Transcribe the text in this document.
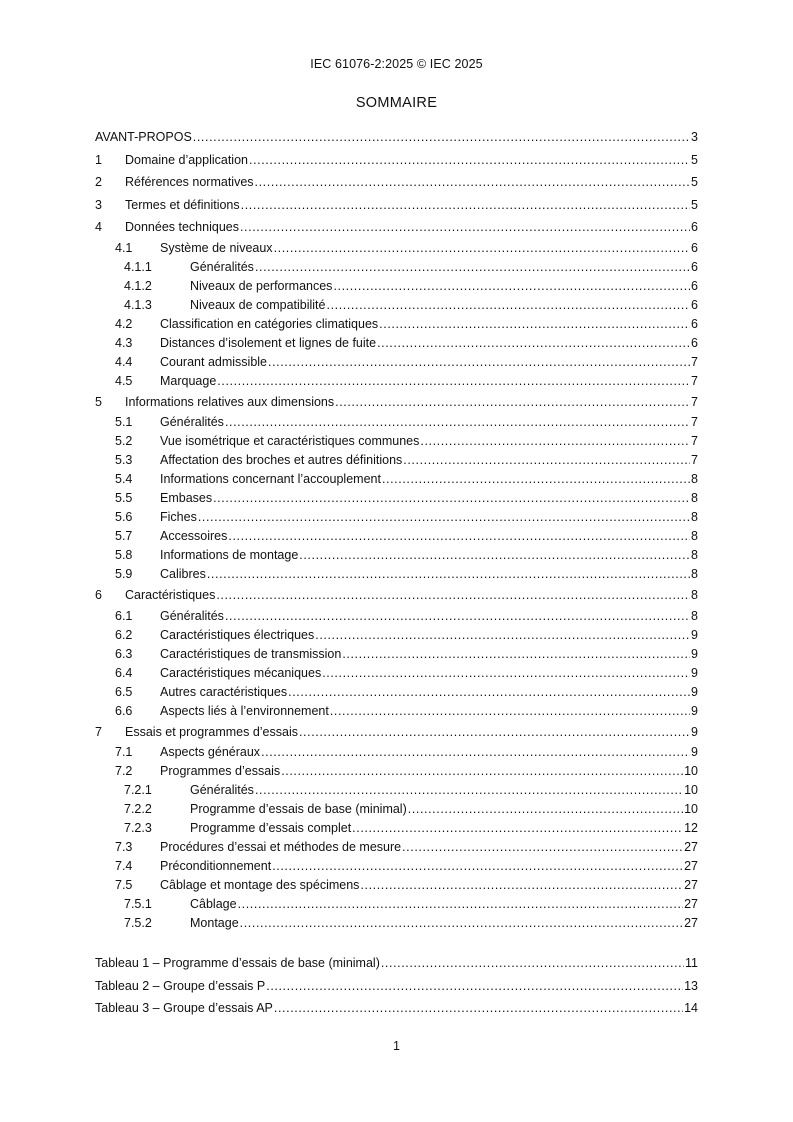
IEC 61076-2:2025 © IEC 2025
SOMMAIRE
AVANT-PROPOS .....	3
1	Domaine d’application .....	5
2	Références normatives .....	5
3	Termes et définitions .....	5
4	Données techniques .....	6
4.1	Système de niveaux .....	6
4.1.1	Généralités .....	6
4.1.2	Niveaux de performances .....	6
4.1.3	Niveaux de compatibilité .....	6
4.2	Classification en catégories climatiques .....	6
4.3	Distances d’isolement et lignes de fuite .....	6
4.4	Courant admissible .....	7
4.5	Marquage .....	7
5	Informations relatives aux dimensions .....	7
5.1	Généralités .....	7
5.2	Vue isométrique et caractéristiques communes .....	7
5.3	Affectation des broches et autres définitions .....	7
5.4	Informations concernant l’accouplement .....	8
5.5	Embases .....	8
5.6	Fiches .....	8
5.7	Accessoires .....	8
5.8	Informations de montage .....	8
5.9	Calibres .....	8
6	Caractéristiques .....	8
6.1	Généralités .....	8
6.2	Caractéristiques électriques .....	9
6.3	Caractéristiques de transmission .....	9
6.4	Caractéristiques mécaniques .....	9
6.5	Autres caractéristiques .....	9
6.6	Aspects liés à l’environnement .....	9
7	Essais et programmes d’essais .....	9
7.1	Aspects généraux .....	9
7.2	Programmes d’essais .....	10
7.2.1	Généralités .....	10
7.2.2	Programme d’essais de base (minimal) .....	10
7.2.3	Programme d’essais complet .....	12
7.3	Procédures d’essai et méthodes de mesure .....	27
7.4	Préconditionnement .....	27
7.5	Câblage et montage des spécimens .....	27
7.5.1	Câblage .....	27
7.5.2	Montage .....	27
Tableau 1 – Programme d’essais de base (minimal) .....	11
Tableau 2 – Groupe d’essais P .....	13
Tableau 3 – Groupe d’essais AP .....	14
1
